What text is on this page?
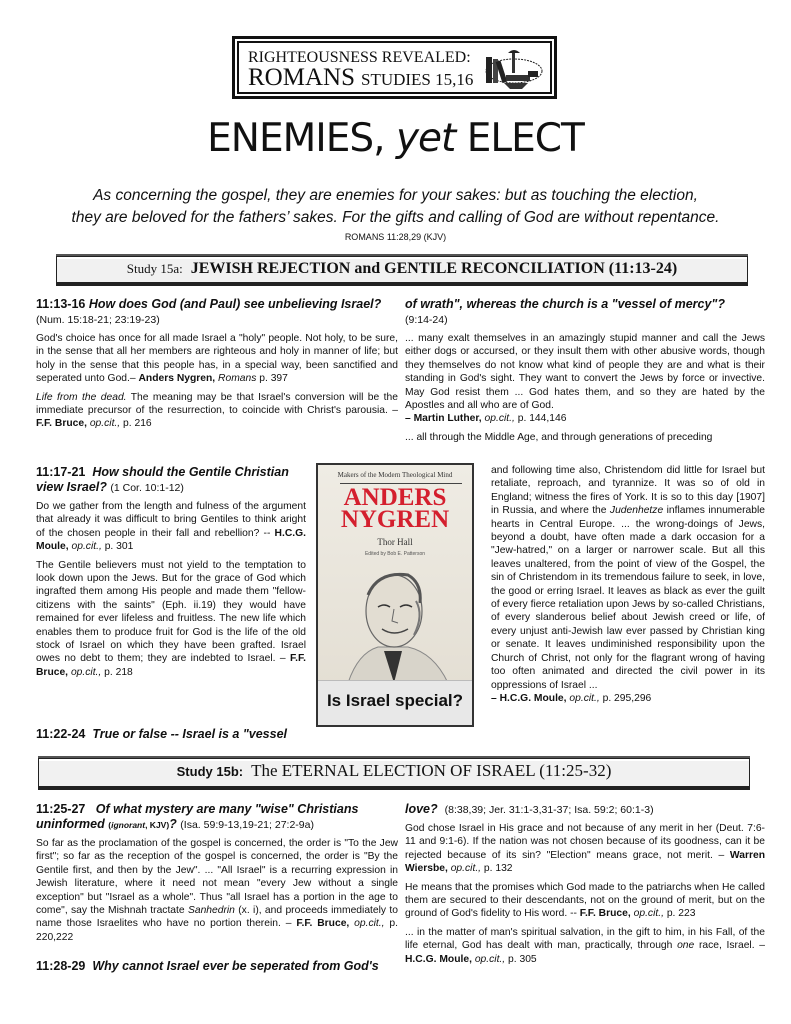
RIGHTEOUSNESS REVEALED:
ROMANS STUDIES 15,16
ENEMIES, yet ELECT
As concerning the gospel, they are enemies for your sakes: but as touching the election,
they are beloved for the fathers’ sakes. For the gifts and calling of God are without repentance.
ROMANS 11:28,29 (KJV)
Study 15a: JEWISH REJECTION and GENTILE RECONCILIATION (11:13-24)
11:13-16 How does God (and Paul) see unbelieving Israel?
(Num. 15:18-21; 23:19-23)

God's choice has once for all made Israel a "holy" people. Not holy, to be sure, in the sense that all her members are righteous and holy in manner of life; but holy in the sense that this people has, in a special way, been sanctified and seperated unto God.– Anders Nygren, Romans p. 397

Life from the dead. The meaning may be that Israel's conversion will be the immediate precursor of the resurrection, to coincide with Christ's parousia. – F.F. Bruce, op.cit., p. 216

11:17-21 How should the Gentile Christian view Israel? (1 Cor. 10:1-12)

Do we gather from the length and fulness of the argument that already it was difficult to bring Gentiles to think aright of the chosen people in their fall and rebellion? -- H.C.G. Moule, op.cit., p. 301

The Gentile believers must not yield to the temptation to look down upon the Jews. But for the grace of God which ingrafted them among His people and made them "fellow-citizens with the saints" (Eph. ii.19) they would have remained for ever lifeless and fruitless. The new life which enables them to produce fruit for God is the life of the old stock of Israel on which they have been grafted. Israel owes no debt to them; they are indebted to Israel. – F.F. Bruce, op.cit., p. 218

11:22-24 True or false -- Israel is a "vessel
of wrath", whereas the church is a "vessel of mercy"?
(9:14-24)

... many exalt themselves in an amazingly stupid manner and call the Jews either dogs or accursed, or they insult them with other abusive words, though they themselves do not know what kind of people they are and what is their standing in God's sight. They want to convert the Jews by force or invective. May God resist them ... God hates them, and so they are hated by the Apostles and all who are of God.
– Martin Luther, op.cit., p. 144,146

... all through the Middle Age, and through generations of preceding

and following time also, Christendom did little for Israel but retaliate, reproach, and tyrannize. It was so of old in England; witness the fires of York. It is so to this day [1907] in Russia, and where the Judenhetze inflames innumerable hearts in Central Europe. ... the wrong-doings of Jews, beyond a doubt, have often made a dark occasion for a "Jew-hatred," on a larger or narrower scale. But all this leaves unaltered, from the point of view of the Gospel, the sin of Christendom in its tremendous failure to seek, in love, the good or erring Israel. It leaves as black as ever the guilt of every fierce retaliation upon Jews by so-called Christians, of every slanderous belief about Jewish creed or life, of every unjust anti-Jewish law ever passed by Christian king or senate. It leaves undiminished responsibility upon the Church of Christ, not only for the flagrant wrong of having too often animated and directed the civil power in its oppressions of Israel ...
– H.C.G. Moule, op.cit., p. 295,296

Makers of the Modern Theological Mind
ANDERS
NYGREN
Thor Hall
Edited by Bob E. Patterson
Is Israel special?
Study 15b: The ETERNAL ELECTION OF ISRAEL (11:25-32)
11:25-27 Of what mystery are many "wise" Christians uninformed (ignorant, KJV)? (Isa. 59:9-13,19-21; 27:2-9a)

So far as the proclamation of the gospel is concerned, the order is "To the Jew first"; so far as the reception of the gospel is concerned, the order is "By the Gentile first, and then by the Jew". ... "All Israel" is a recurring expression in Jewish literature, where it need not mean "every Jew without a single exception" but "Israel as a whole". Thus "all Israel has a portion in the age to come", say the Mishnah tractate Sanhedrin (x. i), and proceeds immediately to name those Israelites who have no portion therein. – F.F. Bruce, op.cit., p. 220,222

11:28-29 Why cannot Israel ever be seperated from God's
love? (8:38,39; Jer. 31:1-3,31-37; Isa. 59:2; 60:1-3)

God chose Israel in His grace and not because of any merit in her (Deut. 7:6-11 and 9:1-6). If the nation was not chosen because of its goodness, can it be rejected because of its sin? "Election" means grace, not merit. – Warren Wiersbe, op.cit., p. 132

He means that the promises which God made to the patriarchs when He called them are secured to their descendants, not on the ground of merit, but on the ground of God's fidelity to His word. -- F.F. Bruce, op.cit., p. 223

... in the matter of man's spiritual salvation, in the gift to him, in his Fall, of the life eternal, God has dealt with man, practically, through one race, Israel. – H.C.G. Moule, op.cit., p. 305
